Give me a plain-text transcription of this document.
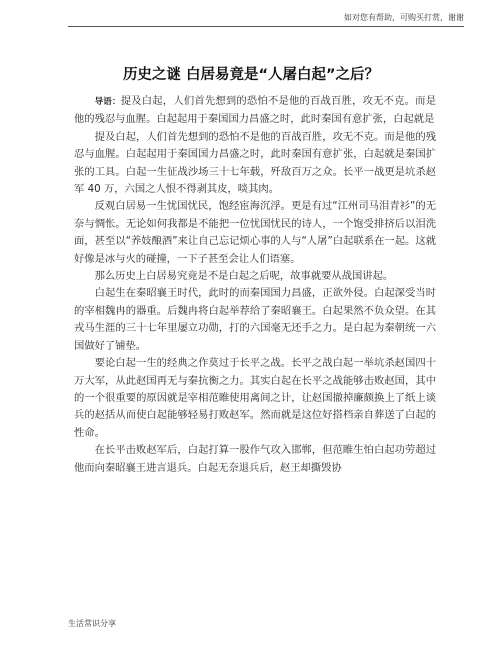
如对您有帮助，可购买打赏，谢谢
历史之谜 白居易竟是“人屠白起”之后？

导语：提及白起，人们首先想到的恐怕不是他的百战百胜，攻无不克。而是他的残忍与血腥。白起起用于秦国国力昌盛之时，此时秦国有意扩张，白起就是

提及白起，人们首先想到的恐怕不是他的百战百胜，攻无不克。而是他的残忍与血腥。白起起用于秦国国力昌盛之时，此时秦国有意扩张，白起就是秦国扩张的工具。白起一生征战沙场三十七年载，歼敌百万之众。长平一战更是坑杀赵军 40 万，六国之人恨不得剥其皮，啖其肉。

反观白居易一生忧国忧民，饱经宦海沉浮。更是有过“江州司马泪青衫”的无奈与惆怅。无论如何我都是不能把一位忧国忧民的诗人，一个饱受排挤后以泪洗面，甚至以“养妓酿酒”来让自己忘记烦心事的人与“人屠”白起联系在一起。这就好像是冰与火的碰撞，一下子甚至会让人们语塞。

那么历史上白居易究竟是不是白起之后呢，故事就要从战国讲起。

白起生在秦昭襄王时代，此时的而秦国国力昌盛，正欲外侵。白起深受当时的宰相魏冉的器重。后魏冉将白起举荐给了秦昭襄王。白起果然不负众望。在其戎马生涯的三十七年里屡立功勋，打的六国毫无还手之力。是白起为秦朝统一六国做好了铺垫。

要论白起一生的经典之作莫过于长平之战。长平之战白起一举坑杀赵国四十万大军，从此赵国再无与秦抗衡之力。其实白起在长平之战能够击败赵国，其中的一个很重要的原因就是宰相范睢使用离间之计，让赵国撤掉廉颇换上了纸上谈兵的赵括从而使白起能够轻易打败赵军。然而就是这位好搭档亲自葬送了白起的性命。

在长平击败赵军后，白起打算一股作气攻入邯郸，但范睢生怕白起功劳超过他而向秦昭襄王进言退兵。白起无奈退兵后，赵王却撕毁协

生活常识分享
